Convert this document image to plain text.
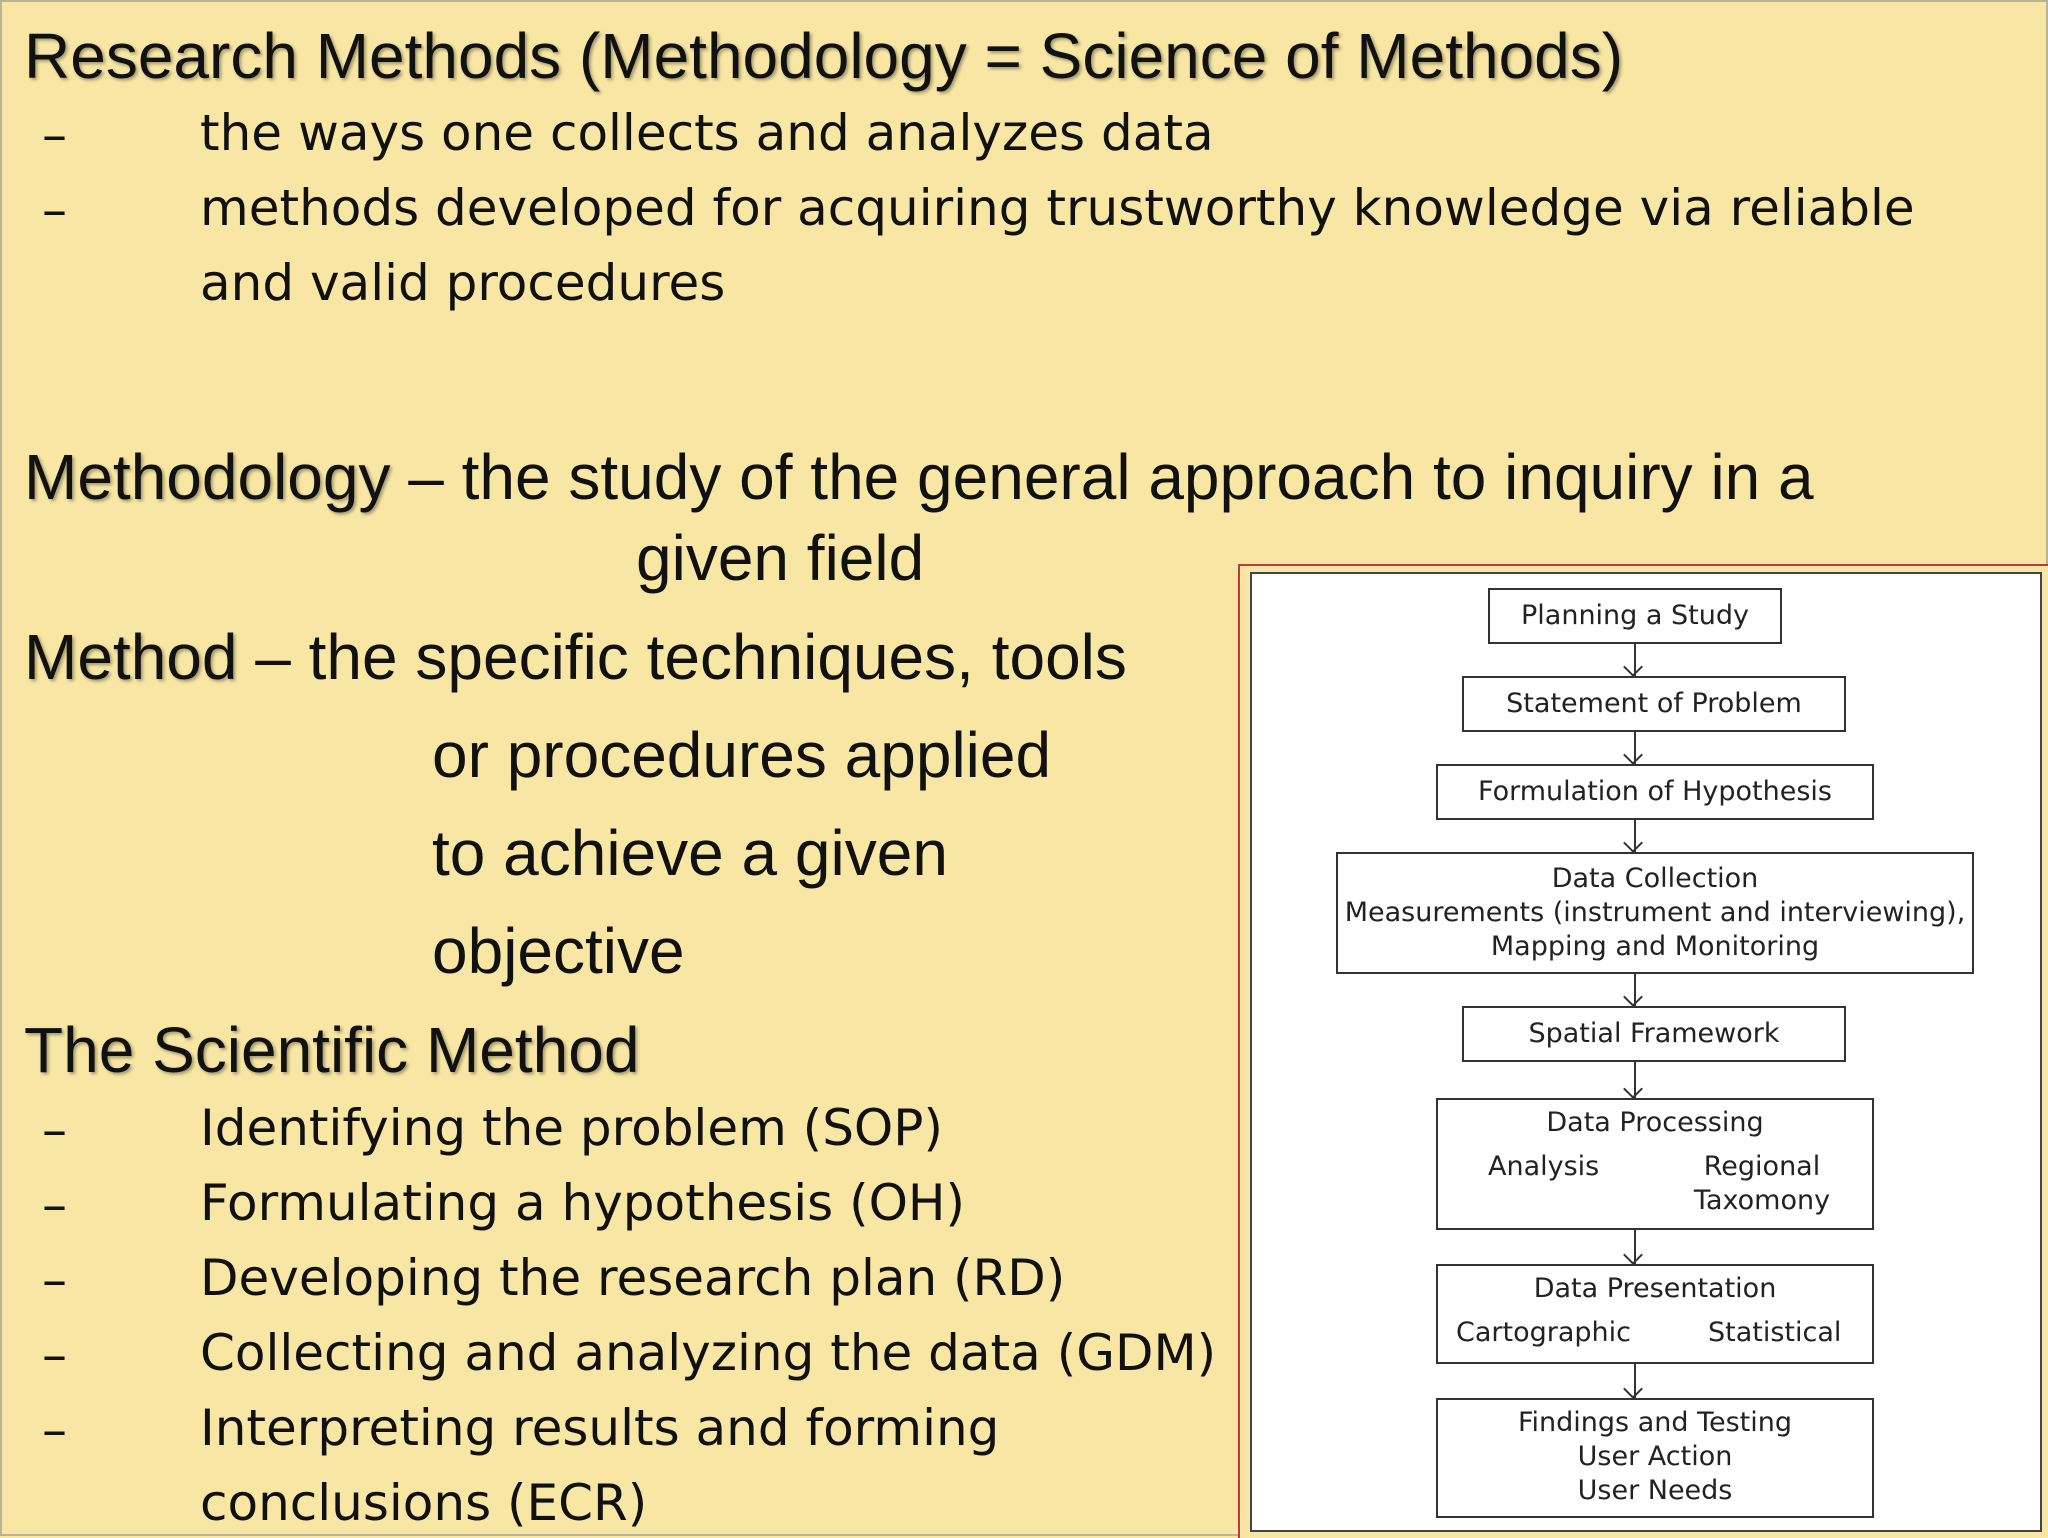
Research Methods (Methodology = Science of Methods)
–	the ways one collects and analyzes data
–	methods developed for acquiring trustworthy knowledge via reliable
and valid procedures
Methodology – the study of the general approach to inquiry in a
given field
Method – the specific techniques, tools
or procedures applied
to achieve a given
objective
The Scientific Method
–	Identifying the problem (SOP)
–	Formulating a hypothesis (OH)
–	Developing the research plan (RD)
–	Collecting and analyzing the data (GDM)
–	Interpreting results and forming
conclusions (ECR)
Planning a Study
Statement of Problem
Formulation of Hypothesis
Data Collection
Measurements (instrument and interviewing),
Mapping and Monitoring
Spatial Framework
Data Processing
Analysis	Regional
Taxomony
Data Presentation
Cartographic	Statistical
Findings and Testing
User Action
User Needs
